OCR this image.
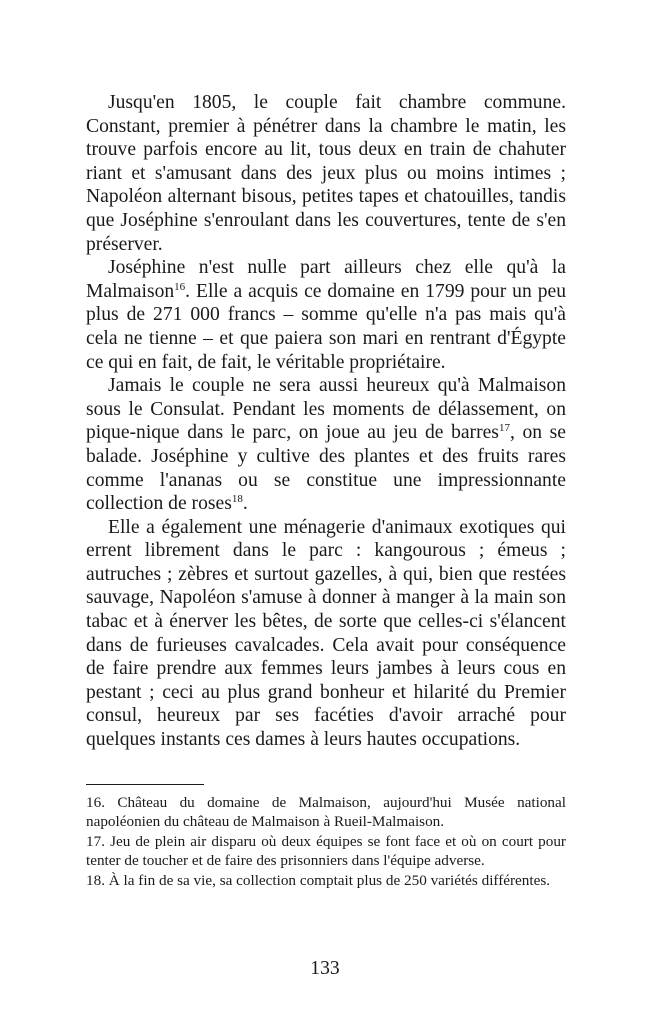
Jusqu'en 1805, le couple fait chambre commune. Constant, premier à pénétrer dans la chambre le matin, les trouve parfois encore au lit, tous deux en train de chahuter riant et s'amusant dans des jeux plus ou moins intimes ; Napoléon alternant bisous, petites tapes et chatouilles, tandis que Joséphine s'enroulant dans les couvertures, tente de s'en préserver.

Joséphine n'est nulle part ailleurs chez elle qu'à la Malmaison$^{16}$. Elle a acquis ce domaine en 1799 pour un peu plus de 271 000 francs – somme qu'elle n'a pas mais qu'à cela ne tienne – et que paiera son mari en rentrant d'Égypte ce qui en fait, de fait, le véritable propriétaire.

Jamais le couple ne sera aussi heureux qu'à Malmaison sous le Consulat. Pendant les moments de délassement, on pique-nique dans le parc, on joue au jeu de barres$^{17}$, on se balade. Joséphine y cultive des plantes et des fruits rares comme l'ananas ou se constitue une impressionnante collection de roses$^{18}$.

Elle a également une ménagerie d'animaux exotiques qui errent librement dans le parc : kangourous ; émeus ; autruches ; zèbres et surtout gazelles, à qui, bien que restées sauvage, Napoléon s'amuse à donner à manger à la main son tabac et à énerver les bêtes, de sorte que celles-ci s'élancent dans de furieuses cavalcades. Cela avait pour conséquence de faire prendre aux femmes leurs jambes à leurs cous en pestant ; ceci au plus grand bonheur et hilarité du Premier consul, heureux par ses facéties d'avoir arraché pour quelques instants ces dames à leurs hautes occupations.

16. Château du domaine de Malmaison, aujourd'hui Musée national napoléonien du château de Malmaison à Rueil-Malmaison.

17. Jeu de plein air disparu où deux équipes se font face et où on court pour tenter de toucher et de faire des prisonniers dans l'équipe adverse.

18. À la fin de sa vie, sa collection comptait plus de 250 variétés différentes.

133
